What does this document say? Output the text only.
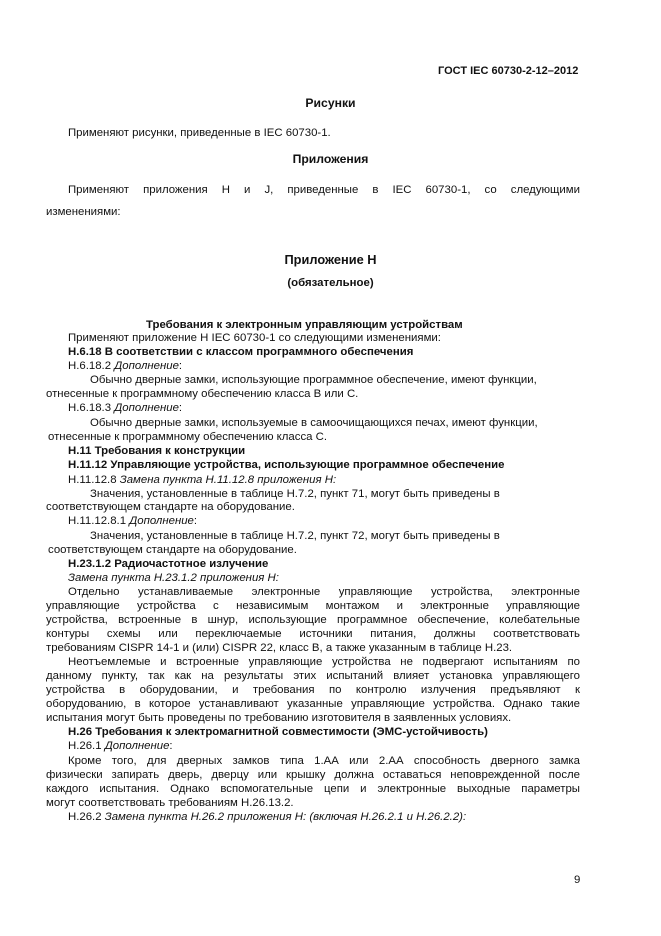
ГОСТ IEC 60730-2-12–2012
Рисунки
Применяют рисунки, приведенные в IEC 60730-1.
Приложения
Применяют приложения Н и J, приведенные в IEC 60730-1, со следующими
изменениями:
Приложение Н
(обязательное)
Требования к электронным управляющим устройствам
Применяют приложение Н IEC 60730-1 со следующими изменениями:
Н.6.18 В соответствии с классом программного обеспечения
Н.6.18.2 Дополнение:
Обычно дверные замки, использующие программное обеспечение, имеют функции,
отнесенные к программному обеспечению класса В или С.
Н.6.18.3 Дополнение:
Обычно дверные замки, используемые в самоочищающихся печах, имеют функции,
отнесенные к программному обеспечению класса С.
Н.11 Требования к конструкции
Н.11.12 Управляющие устройства, использующие программное обеспечение
Н.11.12.8 Замена пункта Н.11.12.8 приложения Н:
Значения, установленные в таблице Н.7.2, пункт 71, могут быть приведены в
соответствующем стандарте на оборудование.
Н.11.12.8.1 Дополнение:
Значения, установленные в таблице Н.7.2, пункт 72, могут быть приведены в
соответствующем стандарте на оборудование.
Н.23.1.2 Радиочастотное излучение
Замена пункта Н.23.1.2 приложения Н:
Отдельно устанавливаемые электронные управляющие устройства, электронные
управляющие устройства с независимым монтажом и электронные управляющие
устройства, встроенные в шнур, использующие программное обеспечение, колебательные
контуры схемы или переключаемые источники питания, должны соответствовать
требованиям CISPR 14-1 и (или) CISPR 22, класс В, а также указанным в таблице Н.23.
Неотъемлемые и встроенные управляющие устройства не подвергают испытаниям по
данному пункту, так как на результаты этих испытаний влияет установка управляющего
устройства в оборудовании, и требования по контролю излучения предъявляют к
оборудованию, в которое устанавливают указанные управляющие устройства. Однако такие
испытания могут быть проведены по требованию изготовителя в заявленных условиях.
Н.26 Требования к электромагнитной совместимости (ЭМС-устойчивость)
Н.26.1 Дополнение:
Кроме того, для дверных замков типа 1.АА или 2.АА способность дверного замка
физически запирать дверь, дверцу или крышку должна оставаться неповрежденной после
каждого испытания. Однако вспомогательные цепи и электронные выходные параметры
могут соответствовать требованиям Н.26.13.2.
Н.26.2 Замена пункта Н.26.2 приложения Н: (включая Н.26.2.1 и Н.26.2.2):
9
